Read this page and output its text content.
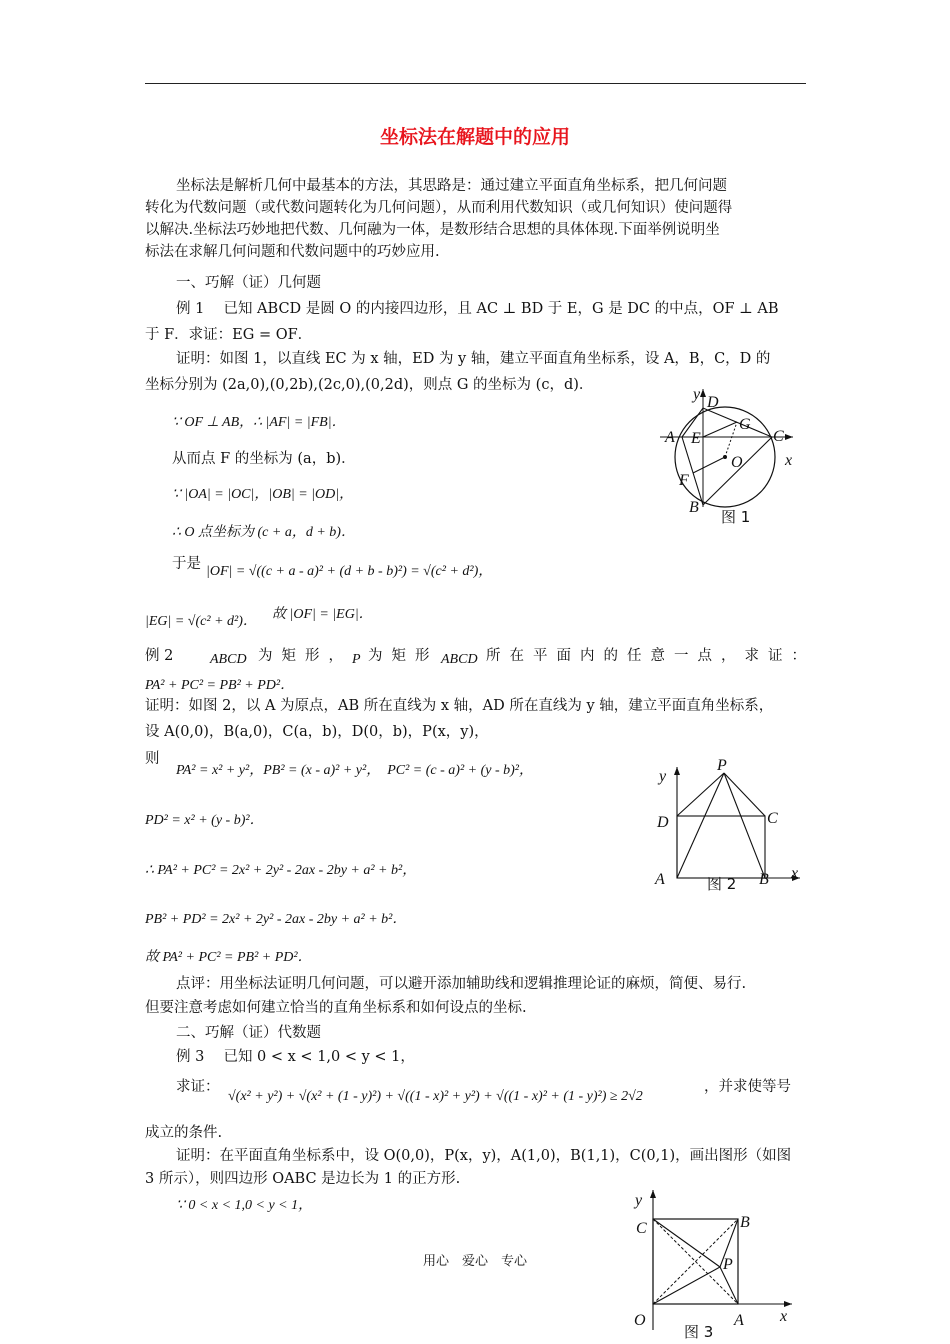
坐标法在解题中的应用

坐标法是解析几何中最基本的方法，其思路是：通过建立平面直角坐标系，把几何问题

转化为代数问题（或代数问题转化为几何问题），从而利用代数知识（或几何知识）使问题得

以解决.坐标法巧妙地把代数、几何融为一体，是数形结合思想的具体体现.下面举例说明坐

标法在求解几何问题和代数问题中的巧妙应用.

一、巧解（证）几何题
例 1　 已知 ABCD 是圆 O 的内接四边形，且 AC ⊥ BD 于 E，G 是 DC 的中点，OF ⊥ AB
于 F．求证：EG = OF．
证明：如图 1，以直线 EC 为 x 轴，ED 为 y 轴，建立平面直角坐标系，设 A，B，C，D 的
坐标分别为 (2a,0),(0,2b),(2c,0),(0,2d)，则点 G 的坐标为 (c，d)．
∵ OF ⊥ AB，∴ |AF| = |FB|．
从而点 F 的坐标为 (a，b)．
∵ |OA| = |OC|，|OB| = |OD|，
∴ O 点坐标为 (c + a，d + b)．
于是 |OF| = √((c + a - a)² + (d + b - b)²) = √(c² + d²)，
|EG| = √(c² + d²)． 故 |OF| = |EG|．
y D
A E
G
C
O	x
F
B
图 1
例 2	ABCD 为矩形， P 为矩形 ABCD 所在平面内的任意一点，求证：
PA² + PC² = PB² + PD²．
证明：如图 2，以 A 为原点，AB 所在直线为 x 轴，AD 所在直线为 y 轴，建立平面直角坐标系，
设 A(0,0)，B(a,0)，C(a，b)，D(0，b)，P(x，y)，
则
PA² = x² + y²，PB² = (x - a)² + y²，　PC² = (c - a)² + (y - b)²，
PD² = x² + (y - b)²．
∴ PA² + PC² = 2x² + 2y² - 2ax - 2by + a² + b²，
PB² + PD² = 2x² + 2y² - 2ax - 2by + a² + b²．
故 PA² + PC² = PB² + PD²．
点评：用坐标法证明几何问题，可以避开添加辅助线和逻辑推理论证的麻烦，简便、易行.
但要注意考虑如何建立恰当的直角坐标系和如何设点的坐标.
y
P
D	C
A	B x
图 2
二、巧解（证）代数题
例 3　 已知 0 < x < 1,0 < y < 1，
求证：
√(x² + y²) + √(x² + (1 - y)²) + √((1 - x)² + y²) + √((1 - x)² + (1 - y)²) ≥ 2√2
，并求使等号
成立的条件.
证明：在平面直角坐标系中，设 O(0,0)，P(x，y)，A(1,0)，B(1,1)，C(0,1)，画出图形（如图
3 所示），则四边形 OABC 是边长为 1 的正方形.
∵ 0 < x < 1,0 < y < 1，
用心　爱心　专心
y
C	B
P
O	A x
图 3
